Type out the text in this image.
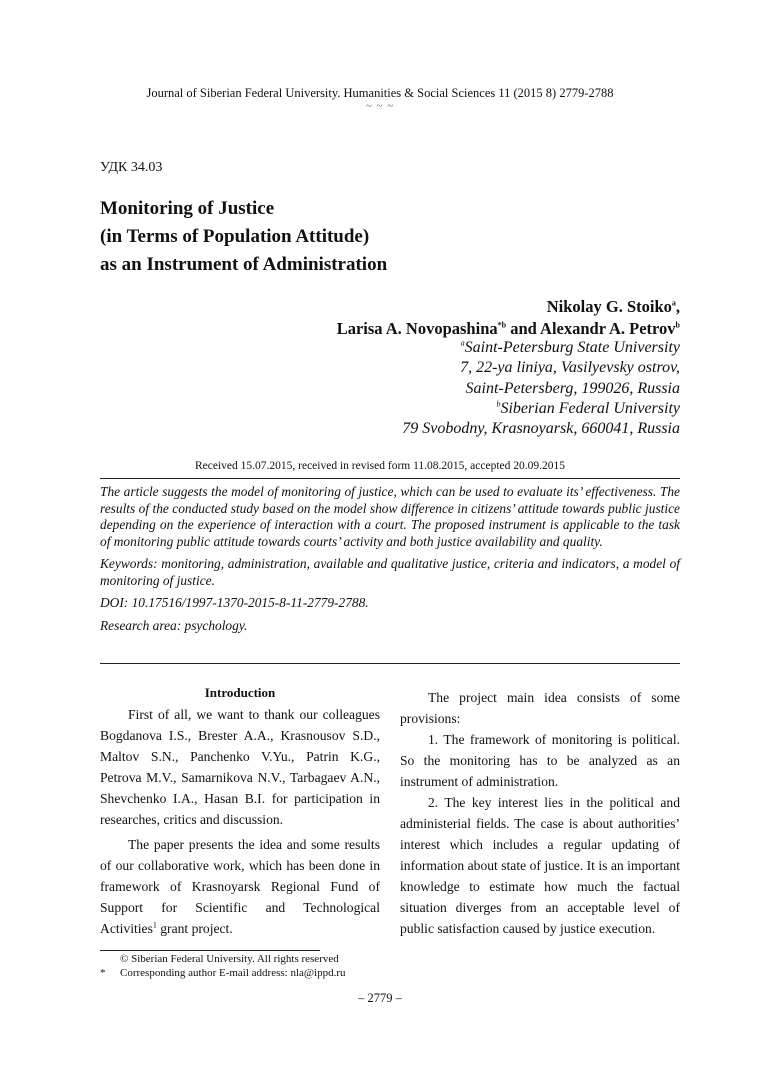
Journal of Siberian Federal University. Humanities & Social Sciences 11 (2015 8) 2779-2788
~ ~ ~
УДК 34.03
Monitoring of Justice
(in Terms of Population Attitude)
as an Instrument of Administration
Nikolay G. Stoiko$^a$,
Larisa A. Novopashina$^{*b}$ and Alexandr A. Petrov$^b$
$^a$Saint-Petersburg State University
7, 22-ya liniya, Vasilyevsky ostrov,
Saint-Petersberg, 199026, Russia
$^b$Siberian Federal University
79 Svobodny, Krasnoyarsk, 660041, Russia
Received 15.07.2015, received in revised form 11.08.2015, accepted 20.09.2015

The article suggests the model of monitoring of justice, which can be used to evaluate its’ effectiveness. The results of the conducted study based on the model show difference in citizens’ attitude towards public justice depending on the experience of interaction with a court. The proposed instrument is applicable to the task of monitoring public attitude towards courts’ activity and both justice availability and quality.

Keywords: monitoring, administration, available and qualitative justice, criteria and indicators, a model of monitoring of justice.

DOI: 10.17516/1997-1370-2015-8-11-2779-2788.

Research area: psychology.

Introduction

First of all, we want to thank our colleagues Bogdanova I.S., Brester A.A., Krasnousov S.D., Maltov S.N., Panchenko V.Yu., Patrin K.G., Petrova M.V., Samarnikova N.V., Tarbagaev A.N., Shevchenko I.A., Hasan B.I. for participation in researches, critics and discussion.

The paper presents the idea and some results of our collaborative work, which has been done in framework of Krasnoyarsk Regional Fund of Support for Scientific and Technological Activities$^1$ grant project.

The project main idea consists of some provisions:

1. The framework of monitoring is political. So the monitoring has to be analyzed as an instrument of administration.

2. The key interest lies in the political and administerial fields. The case is about authorities’ interest which includes a regular updating of information about state of justice. It is an important knowledge to estimate how much the factual situation diverges from an acceptable level of public satisfaction caused by justice execution.

© Siberian Federal University. All rights reserved
* Corresponding author E-mail address: nla@ippd.ru
– 2779 –
